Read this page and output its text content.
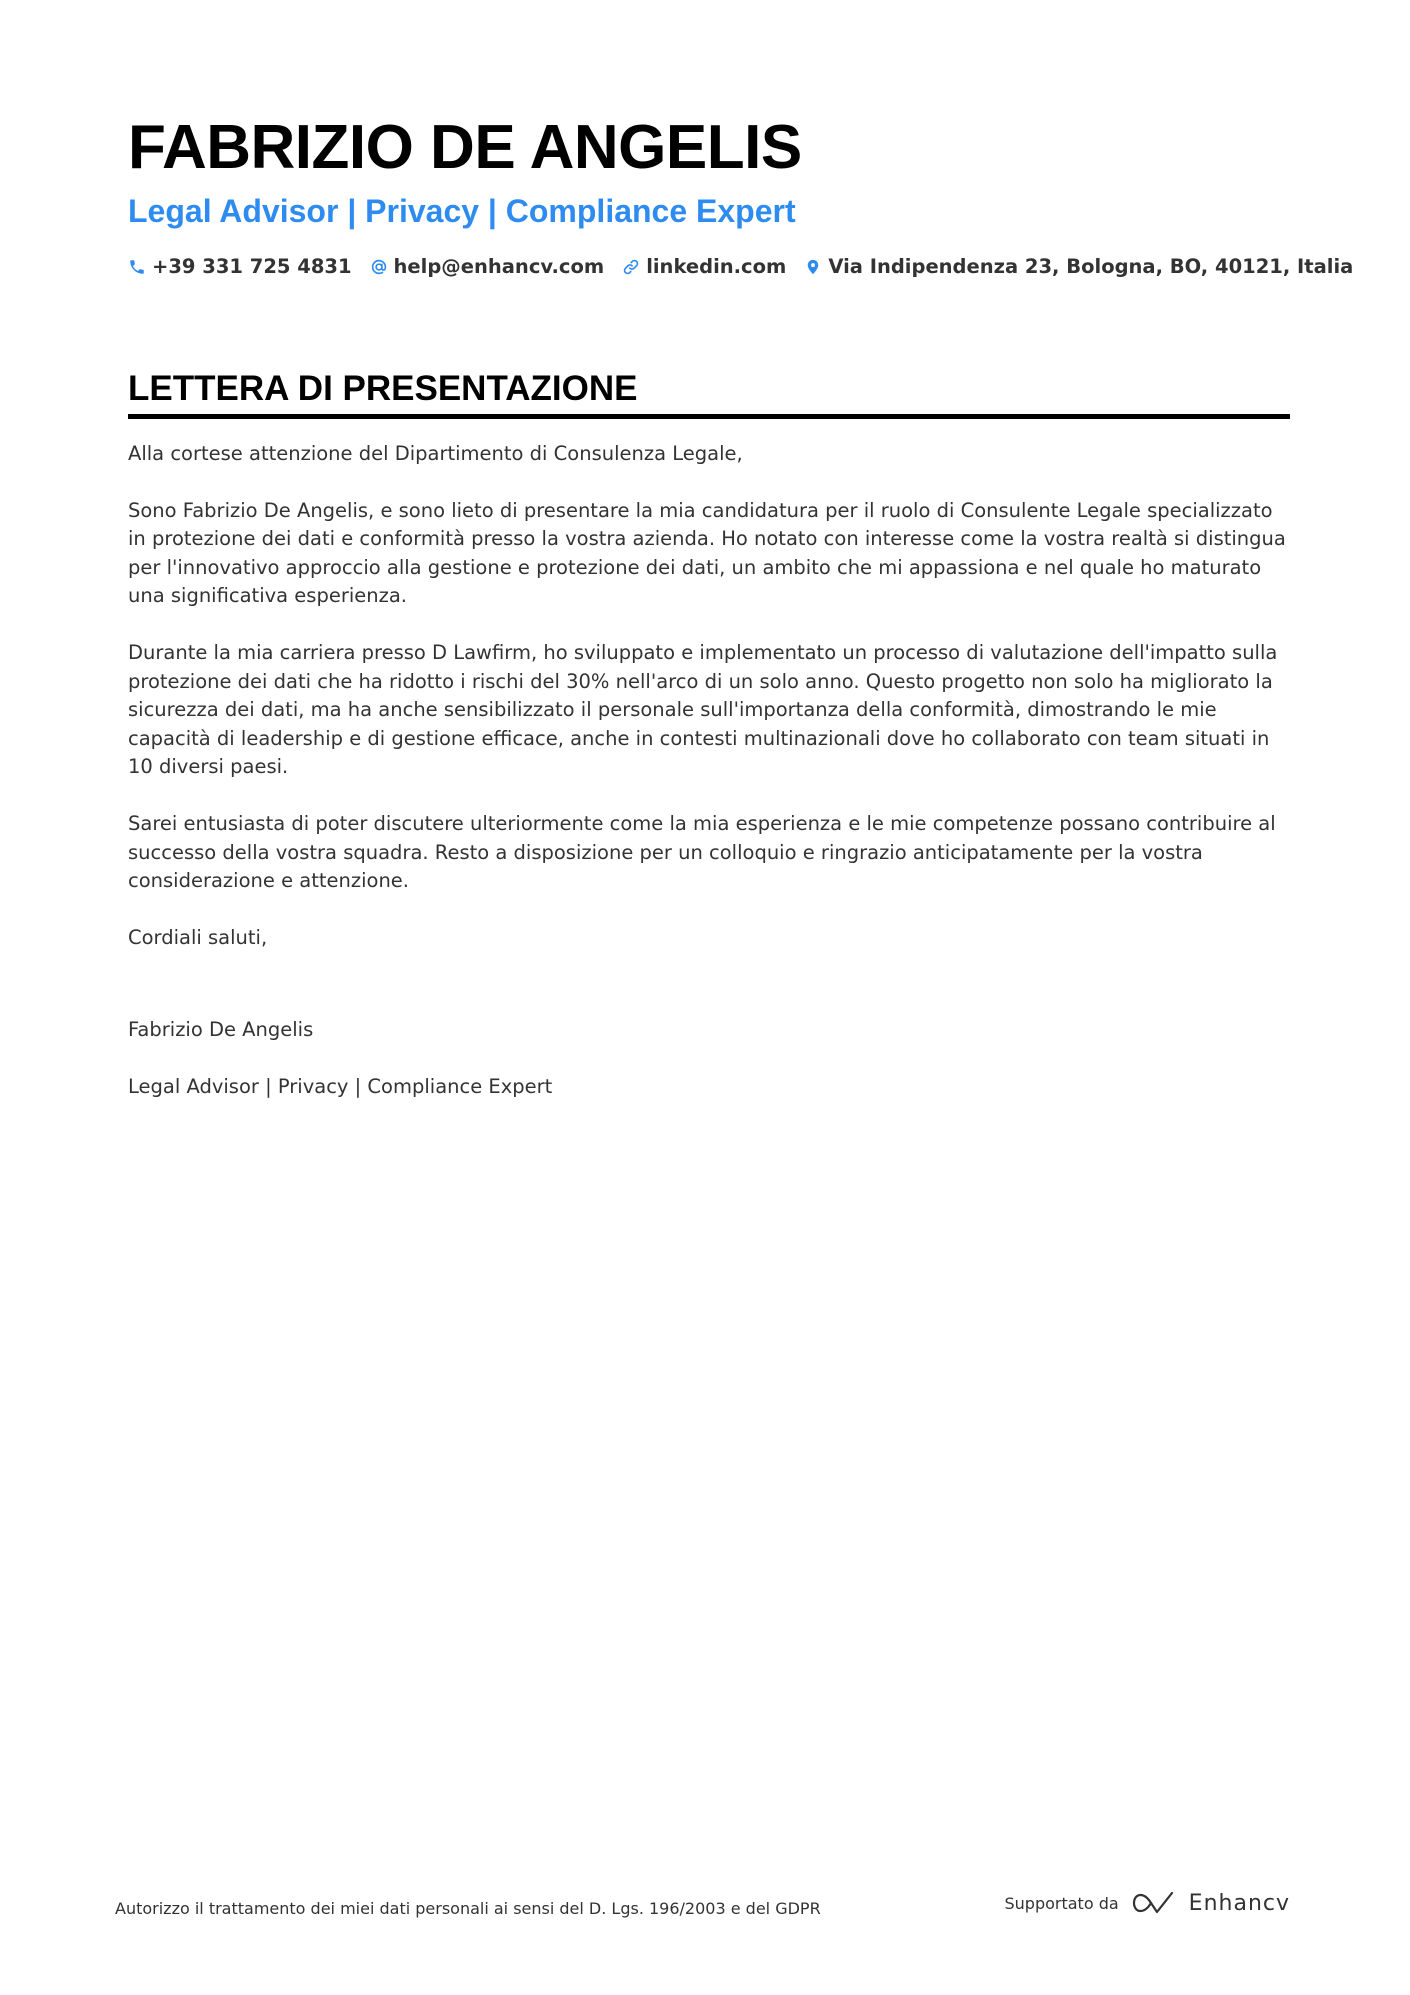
FABRIZIO DE ANGELIS
Legal Advisor | Privacy | Compliance Expert
+39 331 725 4831 help@enhancv.com linkedin.com Via Indipendenza 23, Bologna, BO, 40121, Italia
LETTERA DI PRESENTAZIONE

Alla cortese attenzione del Dipartimento di Consulenza Legale,

Sono Fabrizio De Angelis, e sono lieto di presentare la mia candidatura per il ruolo di Consulente Legale specializzato in protezione dei dati e conformità presso la vostra azienda. Ho notato con interesse come la vostra realtà si distingua per l'innovativo approccio alla gestione e protezione dei dati, un ambito che mi appassiona e nel quale ho maturato una significativa esperienza.

Durante la mia carriera presso D Lawfirm, ho sviluppato e implementato un processo di valutazione dell'impatto sulla protezione dei dati che ha ridotto i rischi del 30% nell'arco di un solo anno. Questo progetto non solo ha migliorato la sicurezza dei dati, ma ha anche sensibilizzato il personale sull'importanza della conformità, dimostrando le mie capacità di leadership e di gestione efficace, anche in contesti multinazionali dove ho collaborato con team situati in 10 diversi paesi.

Sarei entusiasta di poter discutere ulteriormente come la mia esperienza e le mie competenze possano contribuire al successo della vostra squadra. Resto a disposizione per un colloquio e ringrazio anticipatamente per la vostra considerazione e attenzione.

Cordiali saluti,

Fabrizio De Angelis
Legal Advisor | Privacy | Compliance Expert
Autorizzo il trattamento dei miei dati personali ai sensi del D. Lgs. 196/2003 e del GDPR	Supportato da	Enhancv
